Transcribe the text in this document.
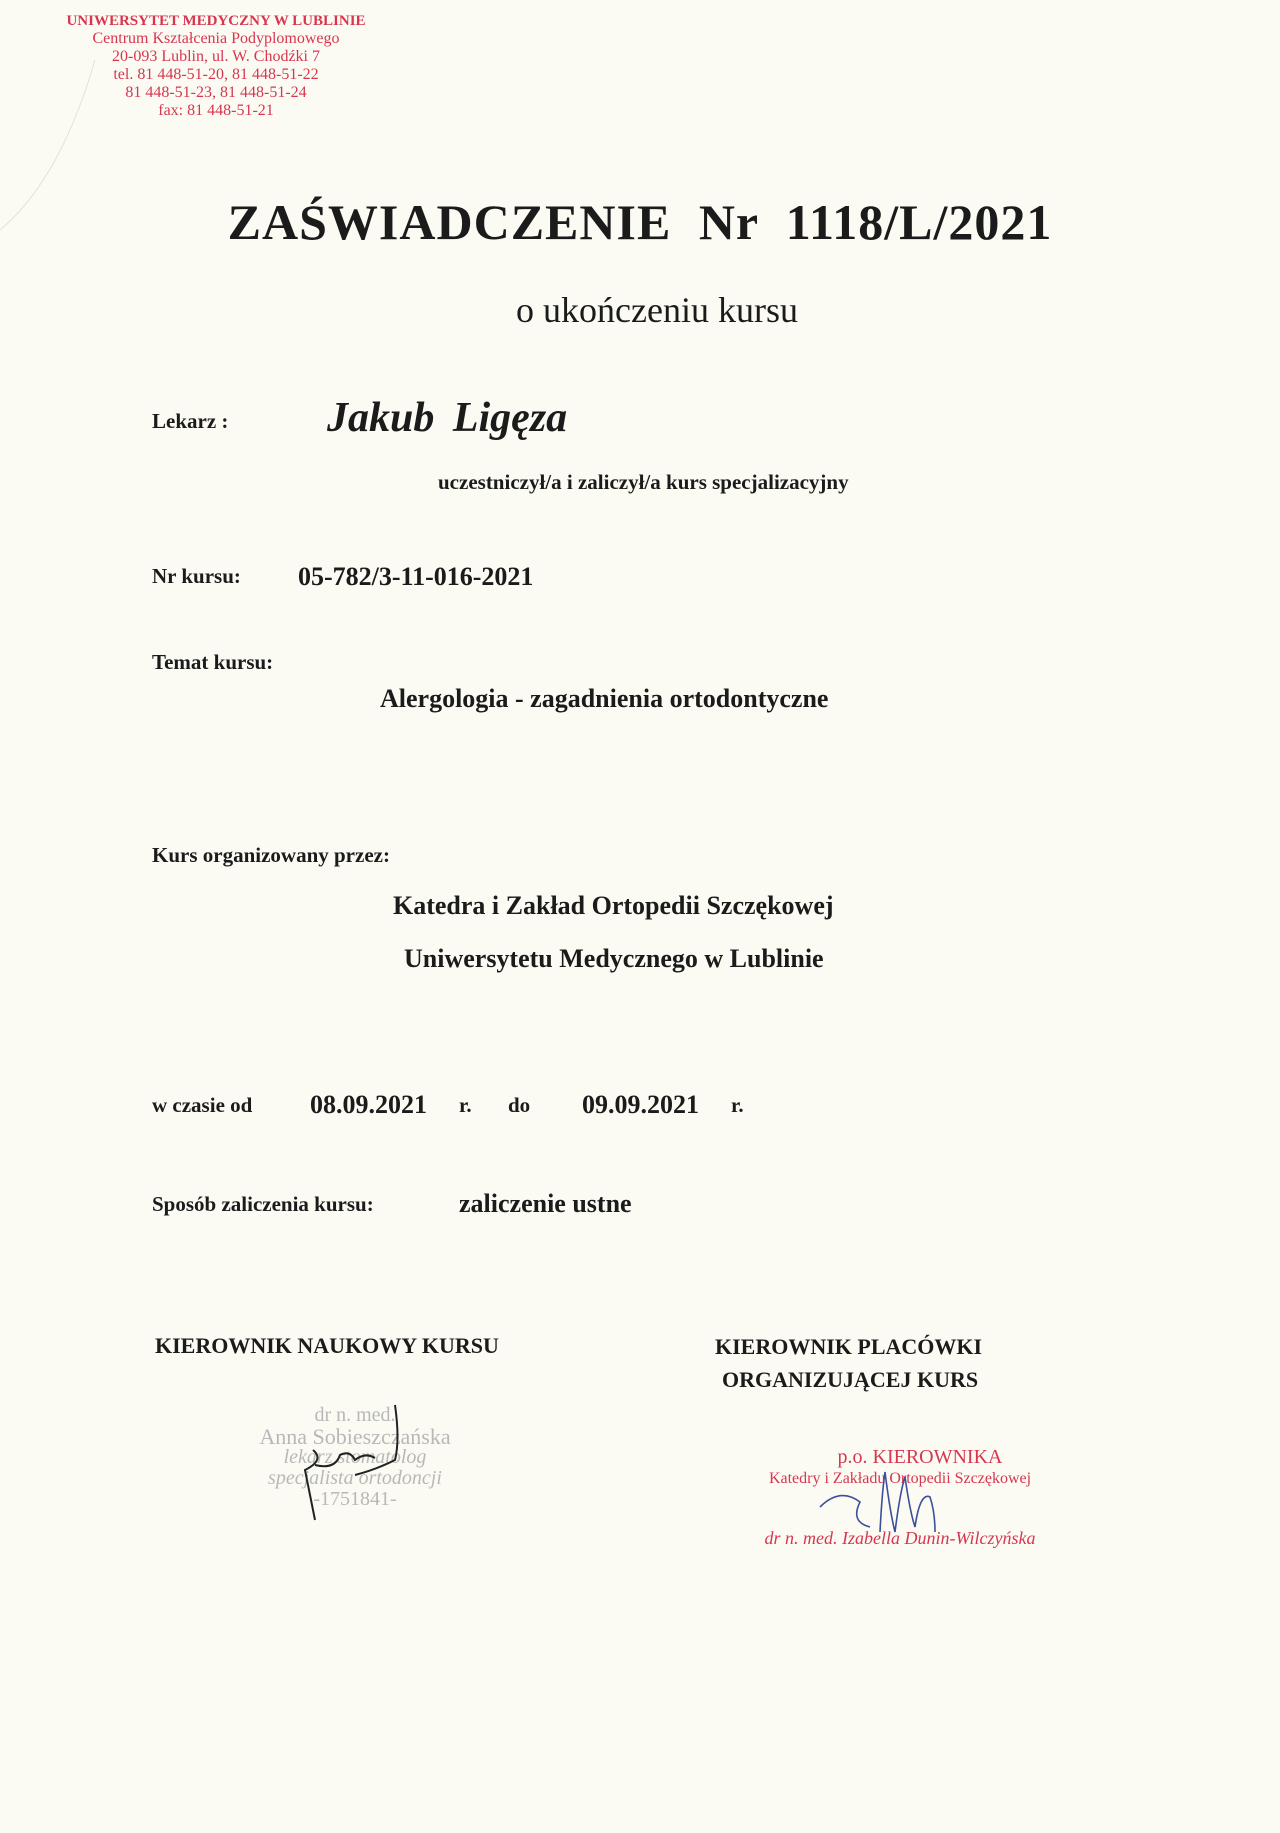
UNIWERSYTET MEDYCZNY W LUBLINIE
Centrum Kształcenia Podyplomowego
20-093 Lublin, ul. W. Chodźki 7
tel. 81 448-51-20, 81 448-51-22
81 448-51-23, 81 448-51-24
fax: 81 448-51-21
ZAŚWIADCZENIE Nr 1118/L/2021
o ukończeniu kursu
Lekarz : Jakub Ligęza
uczestniczył/a i zaliczył/a kurs specjalizacyjny
Nr kursu: 05-782/3-11-016-2021
Temat kursu:
Alergologia - zagadnienia ortodontyczne
Kurs organizowany przez:
Katedra i Zakład Ortopedii Szczękowej
Uniwersytetu Medycznego w Lublinie
w czasie od 08.09.2021 r. do 09.09.2021 r.
Sposób zaliczenia kursu:	zaliczenie ustne
KIEROWNIK NAUKOWY KURSU	KIEROWNIK PLACÓWKI
ORGANIZUJĄCEJ KURS
dr n. med.
Anna Sobieszczańska
lekarz stomatolog
specjalista ortodoncji
-1751841-
p.o. KIEROWNIKA
Katedry i Zakładu Ortopedii Szczękowej
dr n. med. Izabella Dunin-Wilczyńska
